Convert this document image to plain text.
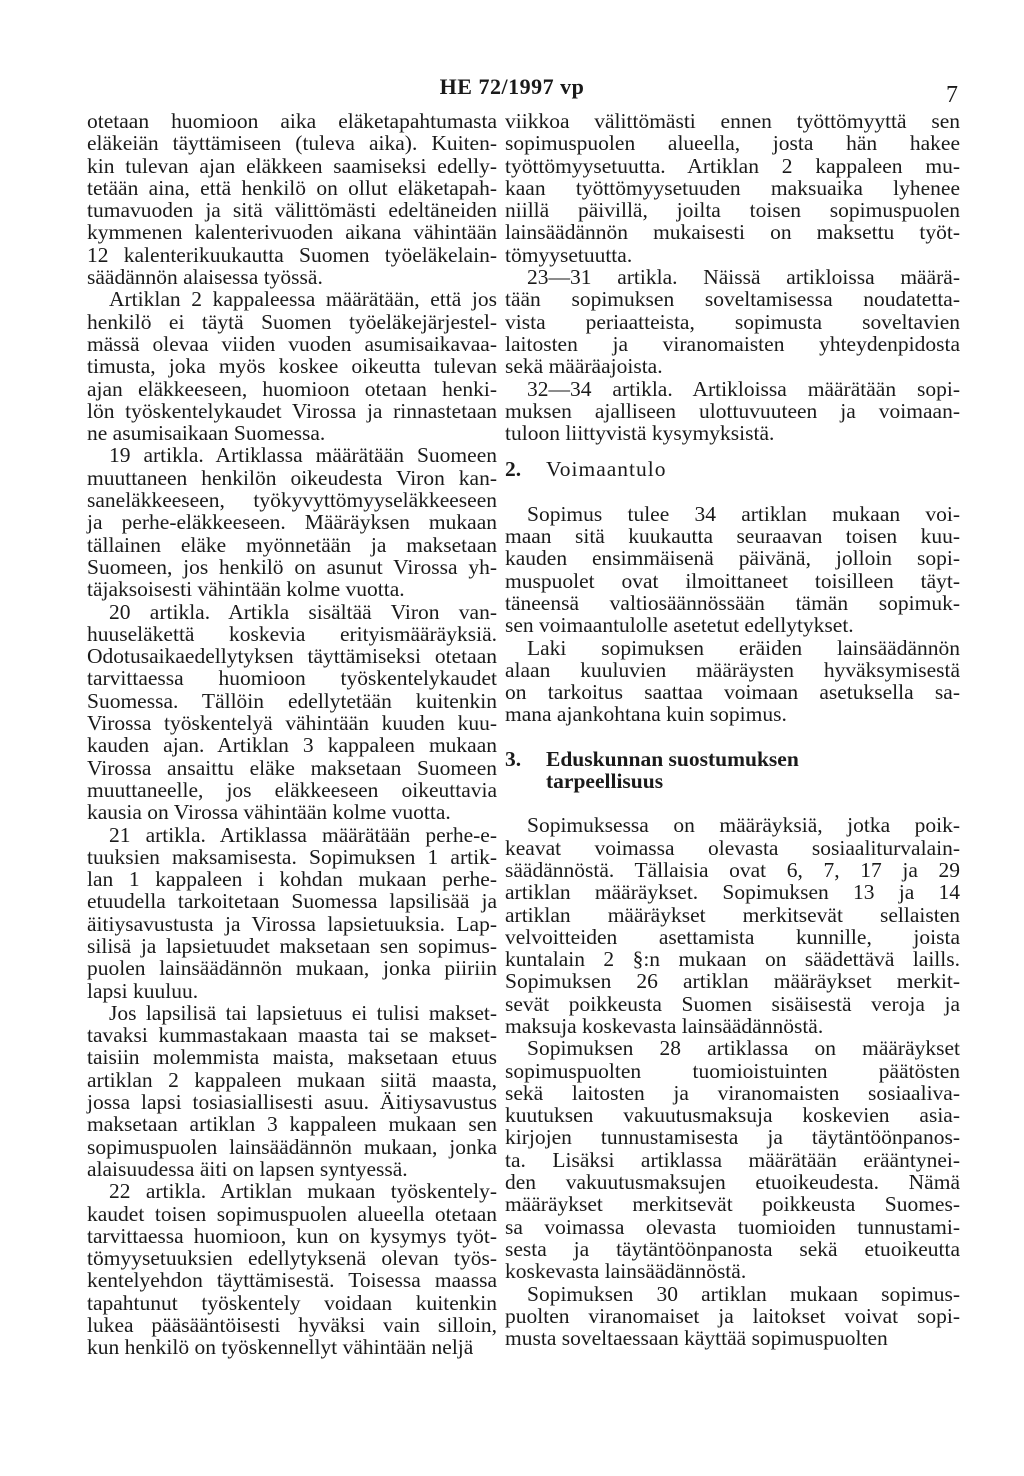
HE 72/1997 vp	7
otetaan huomioon aika eläketapahtumasta
eläkeiän täyttämiseen (tuleva aika). Kuiten-
kin tulevan ajan eläkkeen saamiseksi edelly-
tetään aina, että henkilö on ollut eläketapah-
tumavuoden ja sitä välittömästi edeltäneiden
kymmenen kalenterivuoden aikana vähintään
12 kalenterikuukautta Suomen työeläkelain-
säädännön alaisessa työssä.
Artiklan 2 kappaleessa määrätään, että jos
henkilö ei täytä Suomen työeläkejärjestel-
mässä olevaa viiden vuoden asumisaikavaa-
timusta, joka myös koskee oikeutta tulevan
ajan eläkkeeseen, huomioon otetaan henki-
lön työskentelykaudet Virossa ja rinnastetaan
ne asumisaikaan Suomessa.
19 artikla. Artiklassa määrätään Suomeen
muuttaneen henkilön oikeudesta Viron kan-
saneläkkeeseen, työkyvyttömyyseläkkeeseen
ja perhe-eläkkeeseen. Määräyksen mukaan
tällainen eläke myönnetään ja maksetaan
Suomeen, jos henkilö on asunut Virossa yh-
täjaksoisesti vähintään kolme vuotta.
20 artikla. Artikla sisältää Viron van-
huuseläkettä koskevia erityismääräyksiä.
Odotusaikaedellytyksen täyttämiseksi otetaan
tarvittaessa huomioon työskentelykaudet
Suomessa. Tällöin edellytetään kuitenkin
Virossa työskentelyä vähintään kuuden kuu-
kauden ajan. Artiklan 3 kappaleen mukaan
Virossa ansaittu eläke maksetaan Suomeen
muuttaneelle, jos eläkkeeseen oikeuttavia
kausia on Virossa vähintään kolme vuotta.
21 artikla. Artiklassa määrätään perhe-e-
tuuksien maksamisesta. Sopimuksen 1 artik-
lan 1 kappaleen i kohdan mukaan perhe-
etuudella tarkoitetaan Suomessa lapsilisää ja
äitiysavustusta ja Virossa lapsietuuksia. Lap-
silisä ja lapsietuudet maksetaan sen sopimus-
puolen lainsäädännön mukaan, jonka piiriin
lapsi kuuluu.
Jos lapsilisä tai lapsietuus ei tulisi makset-
tavaksi kummastakaan maasta tai se makset-
taisiin molemmista maista, maksetaan etuus
artiklan 2 kappaleen mukaan siitä maasta,
jossa lapsi tosiasiallisesti asuu. Äitiysavustus
maksetaan artiklan 3 kappaleen mukaan sen
sopimuspuolen lainsäädännön mukaan, jonka
alaisuudessa äiti on lapsen syntyessä.
22 artikla. Artiklan mukaan työskentely-
kaudet toisen sopimuspuolen alueella otetaan
tarvittaessa huomioon, kun on kysymys työt-
tömyysetuuksien edellytyksenä olevan työs-
kentelyehdon täyttämisestä. Toisessa maassa
tapahtunut työskentely voidaan kuitenkin
lukea pääsääntöisesti hyväksi vain silloin,
kun henkilö on työskennellyt vähintään neljä
viikkoa välittömästi ennen työttömyyttä sen
sopimuspuolen alueella, josta hän hakee
työttömyysetuutta. Artiklan 2 kappaleen mu-
kaan työttömyysetuuden maksuaika lyhenee
niillä päivillä, joilta toisen sopimuspuolen
lainsäädännön mukaisesti on maksettu työt-
tömyysetuutta.
23—31 artikla. Näissä artikloissa määrä-
tään sopimuksen soveltamisessa noudatetta-
vista periaatteista, sopimusta soveltavien
laitosten ja viranomaisten yhteydenpidosta
sekä määräajoista.
32—34 artikla. Artikloissa määrätään sopi-
muksen ajalliseen ulottuvuuteen ja voimaan-
tuloon liittyvistä kysymyksistä.
2. Voimaantulo
Sopimus tulee 34 artiklan mukaan voi-
maan sitä kuukautta seuraavan toisen kuu-
kauden ensimmäisenä päivänä, jolloin sopi-
muspuolet ovat ilmoittaneet toisilleen täyt-
täneensä valtiosäännössään tämän sopimuk-
sen voimaantulolle asetetut edellytykset.
Laki sopimuksen eräiden lainsäädännön
alaan kuuluvien määräysten hyväksymisestä
on tarkoitus saattaa voimaan asetuksella sa-
mana ajankohtana kuin sopimus.
3. Eduskunnan suostumuksen
tarpeellisuus
Sopimuksessa on määräyksiä, jotka poik-
keavat voimassa olevasta sosiaaliturvalain-
säädännöstä. Tällaisia ovat 6, 7, 17 ja 29
artiklan määräykset. Sopimuksen 13 ja 14
artiklan määräykset merkitsevät sellaisten
velvoitteiden asettamista kunnille, joista
kuntalain 2 §:n mukaan on säädettävä laills.
Sopimuksen 26 artiklan määräykset merkit-
sevät poikkeusta Suomen sisäisestä veroja ja
maksuja koskevasta lainsäädännöstä.
Sopimuksen 28 artiklassa on määräykset
sopimuspuolten tuomioistuinten päätösten
sekä laitosten ja viranomaisten sosiaaliva-
kuutuksen vakuutusmaksuja koskevien asia-
kirjojen tunnustamisesta ja täytäntöönpanos-
ta. Lisäksi artiklassa määrätään erääntynei-
den vakuutusmaksujen etuoikeudesta. Nämä
määräykset merkitsevät poikkeusta Suomes-
sa voimassa olevasta tuomioiden tunnustami-
sesta ja täytäntöönpanosta sekä etuoikeutta
koskevasta lainsäädännöstä.
Sopimuksen 30 artiklan mukaan sopimus-
puolten viranomaiset ja laitokset voivat sopi-
musta soveltaessaan käyttää sopimuspuolten
